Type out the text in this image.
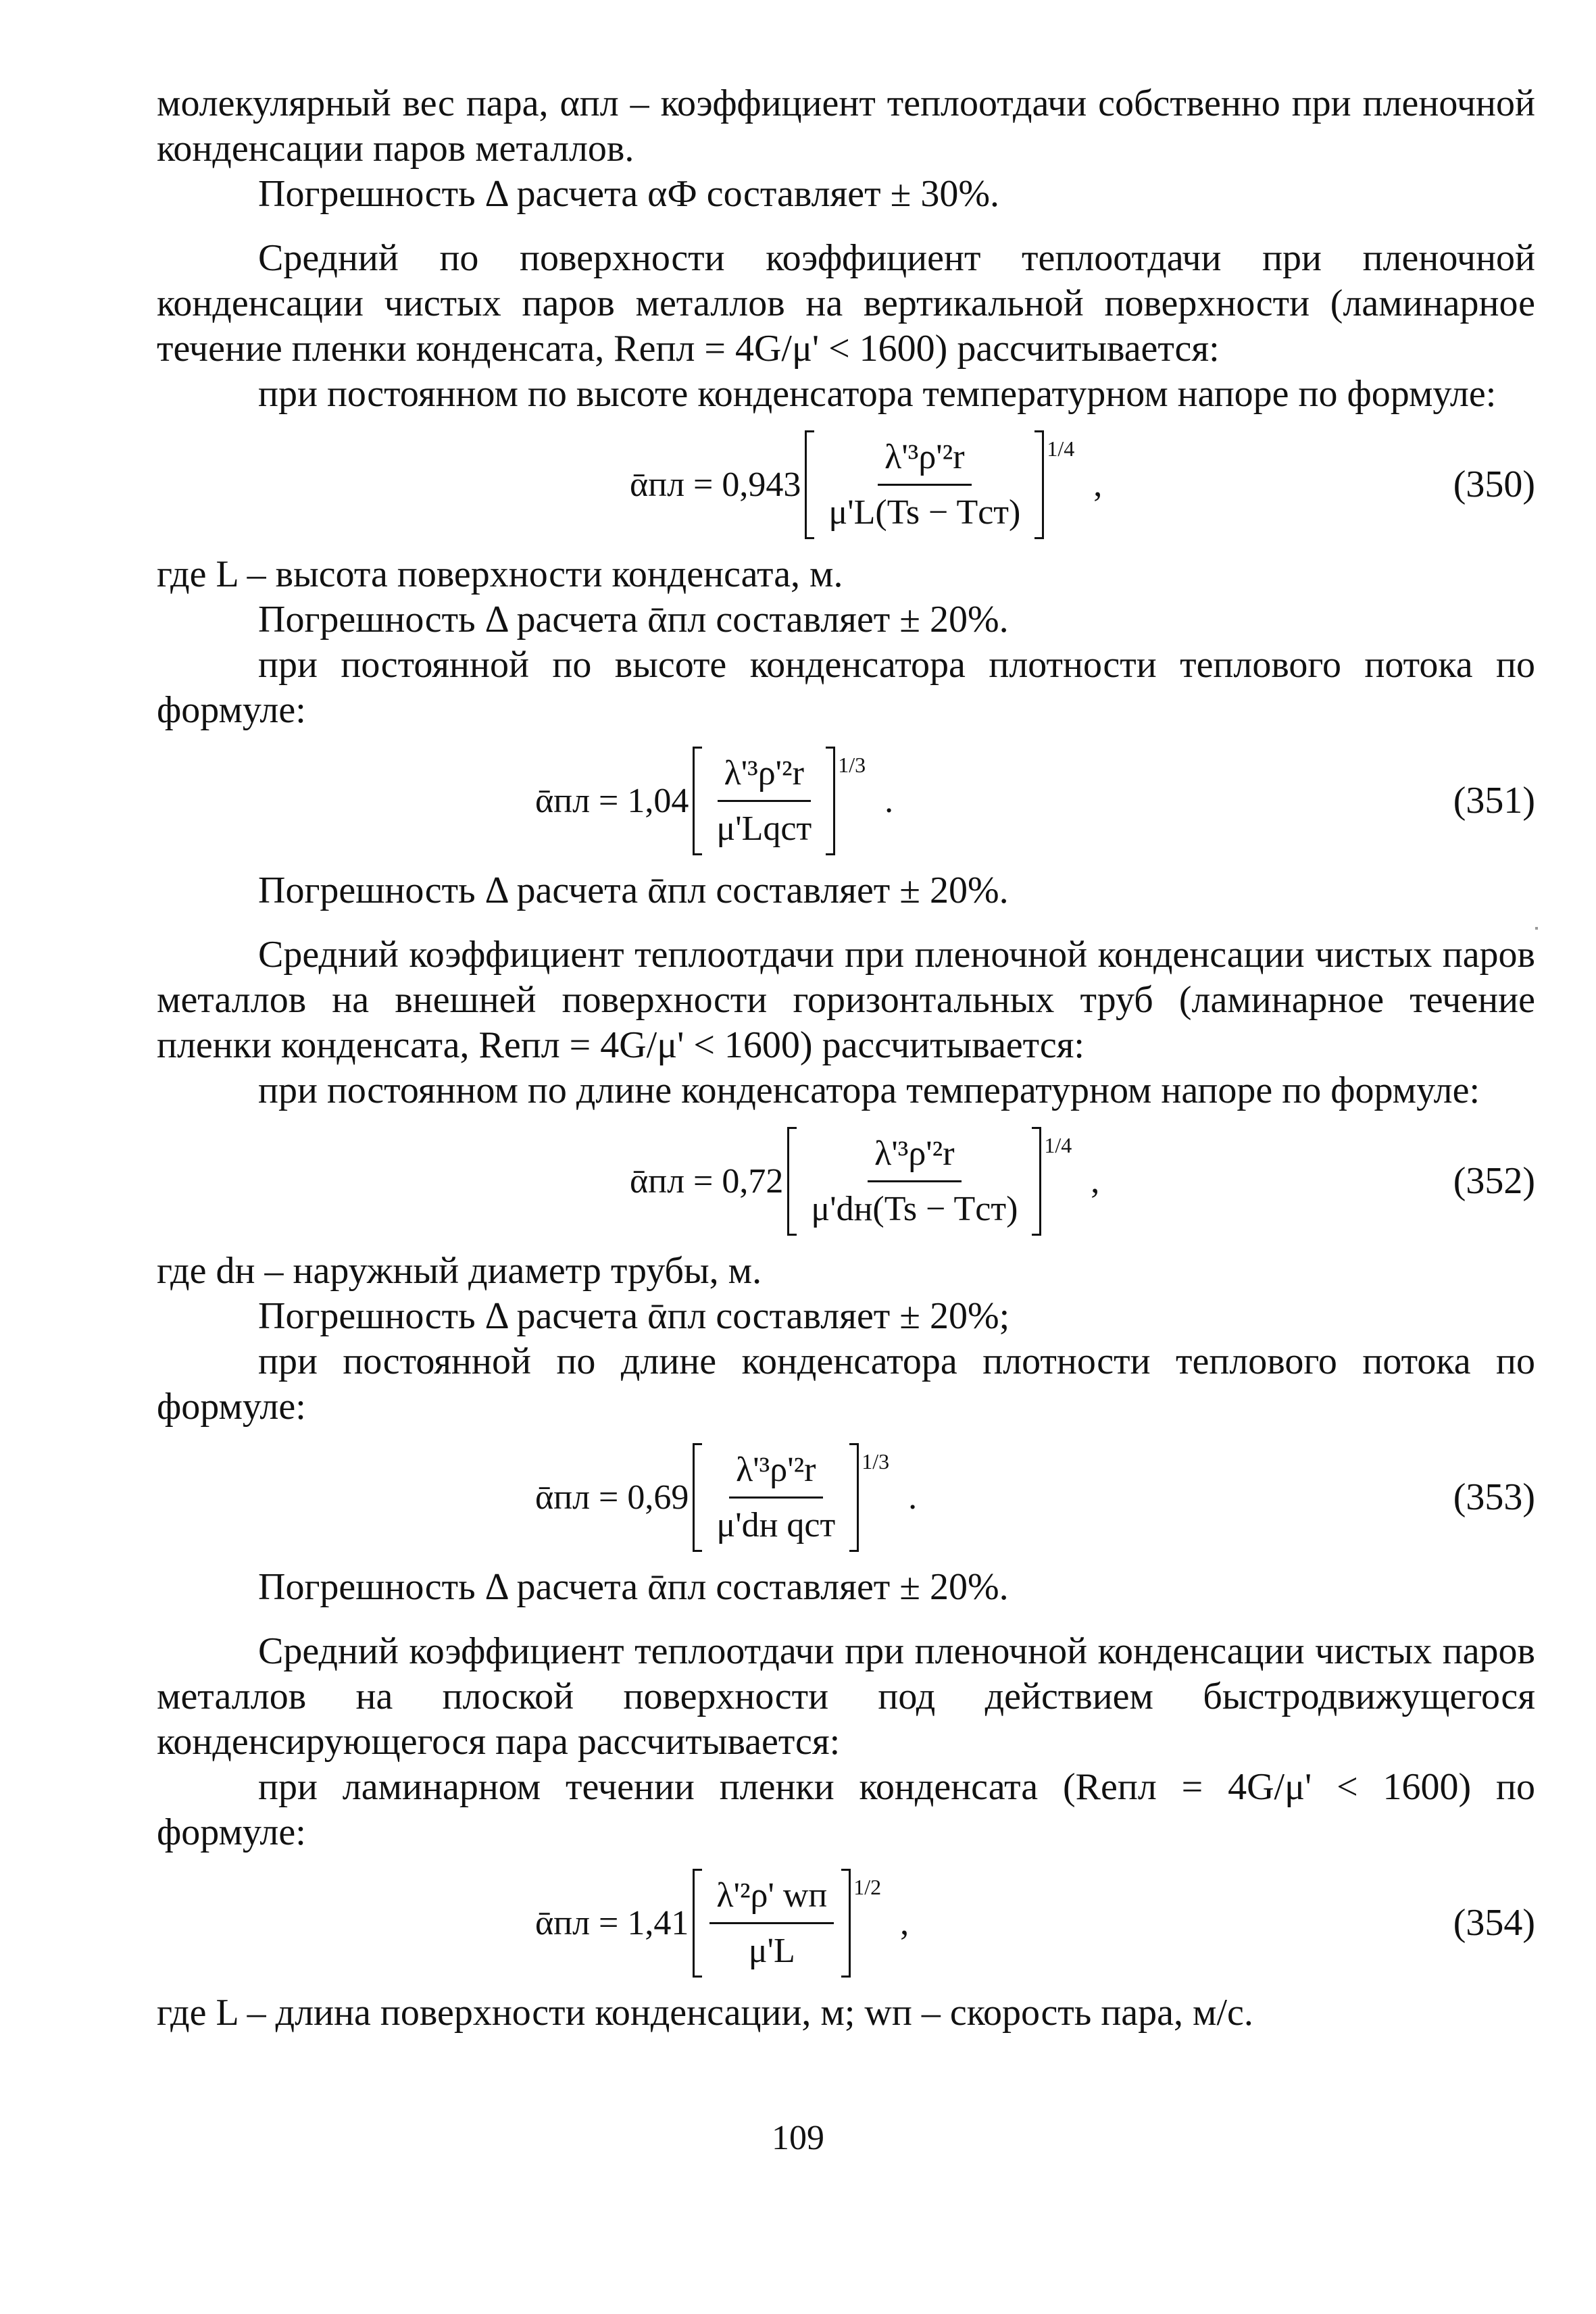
молекулярный вес пара, αпл – коэффициент теплоотдачи собственно при пленочной конденсации паров металлов.

Погрешность Δ расчета αФ составляет ± 30%.

Средний по поверхности коэффициент теплоотдачи при пленочной конденсации чистых паров металлов на вертикальной поверхности (ламинарное течение пленки конденсата, Reпл = 4G/μ' < 1600) рассчитывается:

при постоянном по высоте конденсатора температурном напоре по формуле:

ᾱпл = $0,943 \frac{\text{λ'³ρ'²r}}{\text{μ'L(Ts − Tст)}} 1/4$
,	(350)

где L – высота поверхности конденсата, м.

Погрешность Δ расчета ᾱпл составляет ± 20%.

при постоянной по высоте конденсатора плотности теплового потока по формуле:

ᾱпл = $1,04 \frac{\text{λ'³ρ'²r}}{\text{μ'Lqст}} 1/3$
.	(351)

Погрешность Δ расчета ᾱпл составляет ± 20%.

Средний коэффициент теплоотдачи при пленочной конденсации чистых паров металлов на внешней поверхности горизонтальных труб (ламинарное течение пленки конденсата, Reпл = 4G/μ' < 1600) рассчитывается:

при постоянном по длине конденсатора температурном напоре по формуле:

ᾱпл = $0,72 \frac{\text{λ'³ρ'²r}}{\text{μ'dн(Ts − Tст)}} 1/4$
,	(352)

где dн – наружный диаметр трубы, м.

Погрешность Δ расчета ᾱпл составляет ± 20%;

при постоянной по длине конденсатора плотности теплового потока по формуле:

ᾱпл = $0,69 \frac{\text{λ'³ρ'²r}}{\text{μ'dн qст}} 1/3$
.	(353)

Погрешность Δ расчета ᾱпл составляет ± 20%.

Средний коэффициент теплоотдачи при пленочной конденсации чистых паров металлов на плоской поверхности под действием быстродвижущегося конденсирующегося пара рассчитывается:

при ламинарном течении пленки конденсата (Reпл = 4G/μ' < 1600) по формуле:

ᾱпл = $1,41 \frac{\text{λ'²ρ' wп}}{\mu'L} 1/2$
,	(354)

где L – длина поверхности конденсации, м; wп – скорость пара, м/с.

109
